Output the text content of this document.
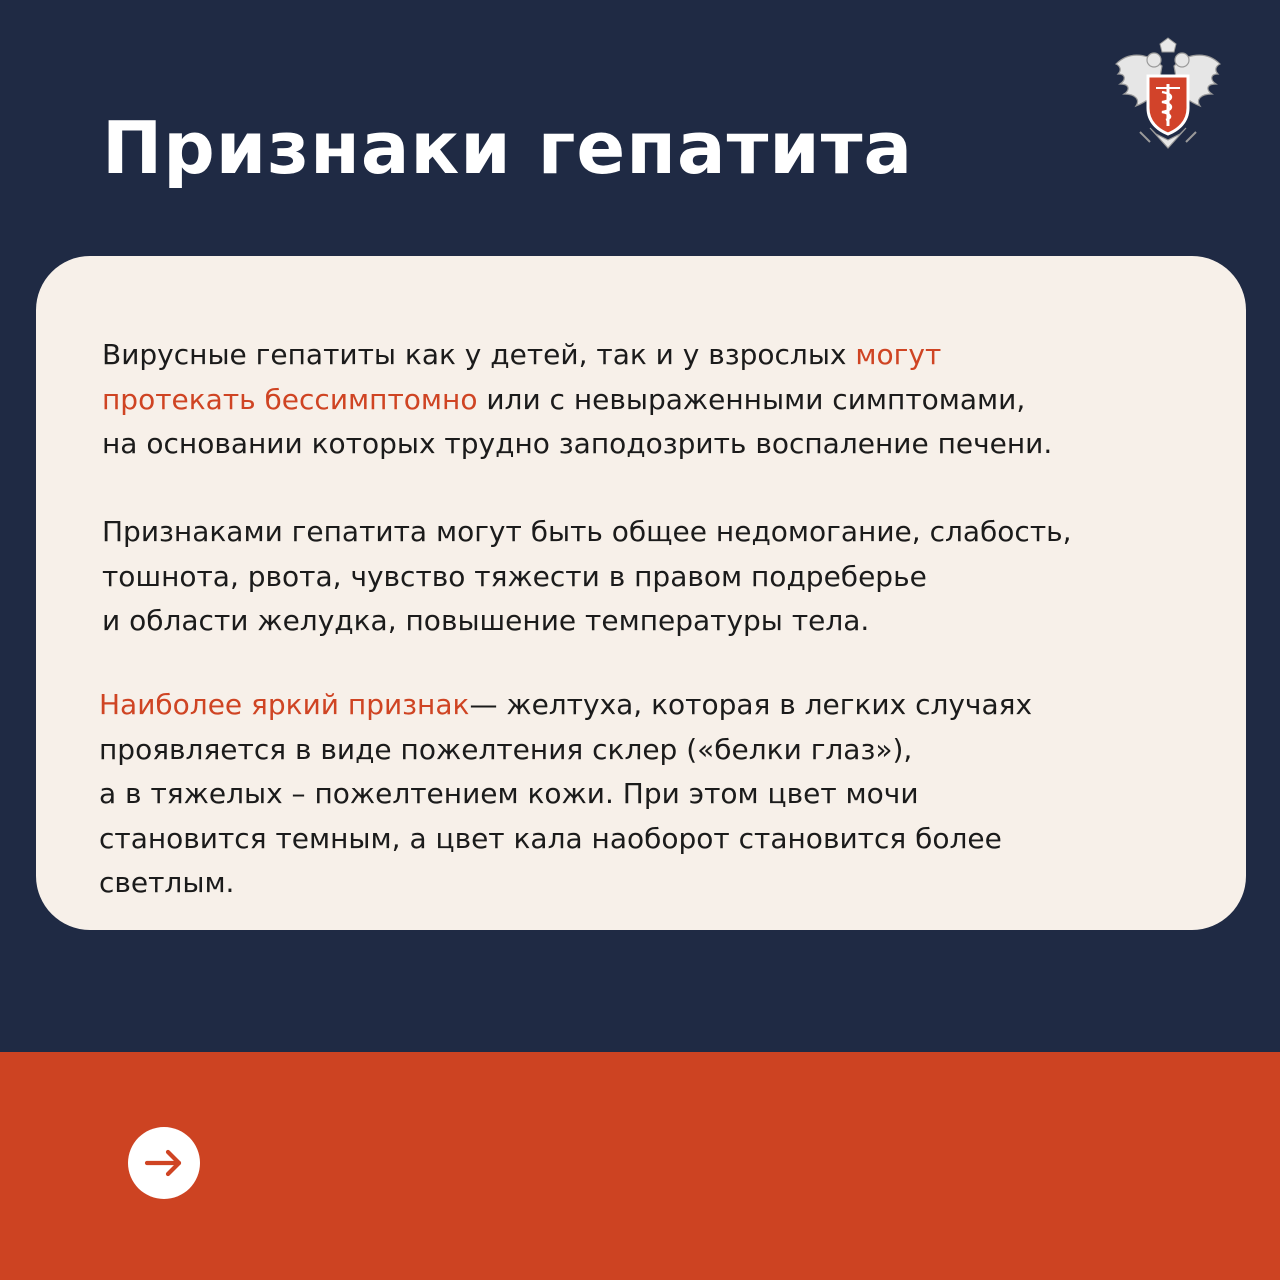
Признаки гепатита

Вирусные гепатиты как у детей, так и у взрослых могут
протекать бессимптомно или с невыраженными симптомами,
на основании которых трудно заподозрить воспаление печени.

Признаками гепатита могут быть общее недомогание, слабость,
тошнота, рвота, чувство тяжести в правом подреберье
и области желудка, повышение температуры тела.

Наиболее яркий признак— желтуха, которая в легких случаях
проявляется в виде пожелтения склер («белки глаз»),
а в тяжелых – пожелтением кожи. При этом цвет мочи
становится темным, а цвет кала наоборот становится более
светлым.
